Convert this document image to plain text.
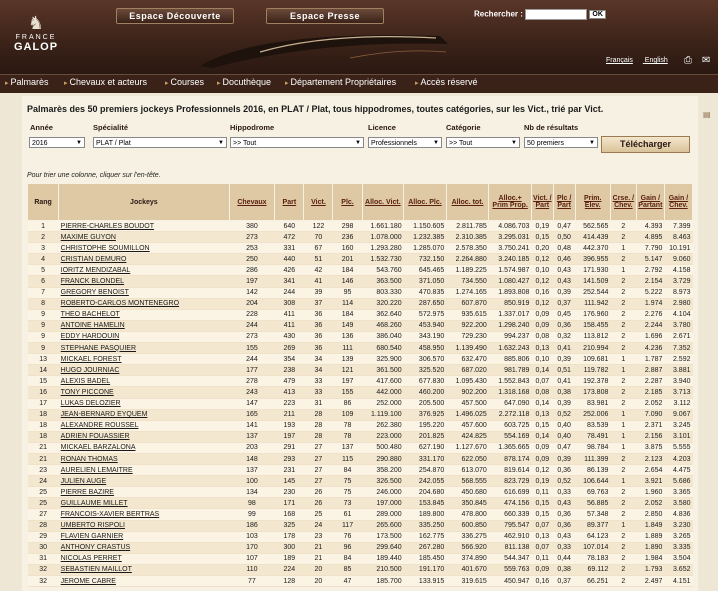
♞
FRANCE
GALOP
Espace Découverte	Espace Presse	Rechercher :	OK
Français English	⎙ ✉
▸ Palmarès ▸ Chevaux et acteurs	▸ Courses ▸ Docuthèque ▸ Département Propriétaires	▸ Accès réservé
▤
Palmarès des 50 premiers jockeys Professionnels 2016, en PLAT / Plat, tous hippodromes, toutes catégories, sur les Vict., trié par Vict.
Année	Spécialité	Hippodrome	Licence	Catégorie	Nb de résultats
2016	▼	PLAT / Plat	▼	>> Tout	▼	Professionnels	▼	>> Tout	▼	50 premiers	▼	Télécharger
Pour trier une colonne, cliquer sur l'en-tête.
Rang	Jockeys	Chevaux	Part	Vict.	Plc.	Alloc. Vict.	Alloc. Plc.	Alloc. tot.	Alloc.+ Prim Prop.	Vict. / Part	Plc / Part	Prim. Elev.	Crse. / Chev.	Gain / Partant	Gain / Chev.
1	PIERRE-CHARLES BOUDOT	380	640	122	298	1.661.180	1.150.605	2.811.785	4.086.703	0,19	0,47	562.565	2	4.393	7.399
2	MAXIME GUYON	273	472	70	236	1.078.000	1.232.385	2.310.385	3.295.031	0,15	0,50	414.439	2	4.895	8.463
3	CHRISTOPHE SOUMILLON	253	331	67	160	1.293.280	1.285.070	2.578.350	3.750.241	0,20	0,48	442.370	1	7.790	10.191
4	CRISTIAN DEMURO	250	440	51	201	1.532.730	732.150	2.264.880	3.240.185	0,12	0,46	396.955	2	5.147	9.060
5	IORITZ MENDIZABAL	286	426	42	184	543.760	645.465	1.189.225	1.574.987	0,10	0,43	171.930	1	2.792	4.158
6	FRANCK BLONDEL	197	341	41	146	363.500	371.050	734.550	1.080.427	0,12	0,43	141.509	2	2.154	3.729
7	GREGORY BENOIST	142	244	39	95	803.330	470.835	1.274.165	1.893.808	0,16	0,39	252.544	2	5.222	8.973
8	ROBERTO-CARLOS MONTENEGRO	204	308	37	114	320.220	287.650	607.870	850.919	0,12	0,37	111.942	2	1.974	2.980
9	THEO BACHELOT	228	411	36	184	362.640	572.975	935.615	1.337.017	0,09	0,45	176.960	2	2.276	4.104
9	ANTOINE HAMELIN	244	411	36	149	468.260	453.940	922.200	1.298.240	0,09	0,36	158.455	2	2.244	3.780
9	EDDY HARDOUIN	273	430	36	136	386.040	343.190	729.230	994.237	0,08	0,32	113.812	2	1.696	2.671
9	STEPHANE PASQUIER	155	269	36	111	680.540	458.950	1.139.490	1.632.243	0,13	0,41	210.994	2	4.236	7.352
13	MICKAEL FOREST	244	354	34	139	325.900	306.570	632.470	885.806	0,10	0,39	109.681	1	1.787	2.592
14	HUGO JOURNIAC	177	238	34	121	361.500	325.520	687.020	981.789	0,14	0,51	119.782	1	2.887	3.881
15	ALEXIS BADEL	278	479	33	197	417.600	677.830	1.095.430	1.552.843	0,07	0,41	192.378	2	2.287	3.940
16	TONY PICCONE	243	413	33	155	442.000	460.200	902.200	1.318.168	0,08	0,38	173.808	2	2.185	3.713
17	LUKAS DELOZIER	147	223	31	86	252.000	205.500	457.500	647.090	0,14	0,39	83.981	2	2.052	3.112
18	JEAN-BERNARD EYQUEM	165	211	28	109	1.119.100	376.925	1.496.025	2.272.118	0,13	0,52	252.006	1	7.090	9.067
18	ALEXANDRE ROUSSEL	141	193	28	78	262.380	195.220	457.600	603.725	0,15	0,40	83.539	1	2.371	3.245
18	ADRIEN FOUASSIER	137	197	28	78	223.000	201.825	424.825	554.169	0,14	0,40	78.491	1	2.156	3.101
21	MICKAEL BARZALONA	203	291	27	137	500.480	627.190	1.127.670	1.365.665	0,09	0,47	98.784	1	3.875	5.555
21	RONAN THOMAS	148	293	27	115	290.880	331.170	622.050	878.174	0,09	0,39	111.399	2	2.123	4.203
23	AURELIEN LEMAITRE	137	231	27	84	358.200	254.870	613.070	819.614	0,12	0,36	86.139	2	2.654	4.475
24	JULIEN AUGE	100	145	27	75	326.500	242.055	568.555	823.729	0,19	0,52	106.644	1	3.921	5.686
25	PIERRE BAZIRE	134	230	26	75	246.000	204.680	450.680	616.699	0,11	0,33	69.763	2	1.960	3.365
25	GUILLAUME MILLET	98	171	26	73	197.000	153.845	350.845	474.156	0,15	0,43	56.885	2	2.052	3.580
27	FRANCOIS-XAVIER BERTRAS	99	168	25	61	289.000	189.800	478.800	660.339	0,15	0,36	57.348	2	2.850	4.836
28	UMBERTO RISPOLI	186	325	24	117	265.600	335.250	600.850	795.547	0,07	0,36	89.377	1	1.849	3.230
29	FLAVIEN GARNIER	103	178	23	76	173.500	162.775	336.275	462.910	0,13	0,43	64.123	2	1.889	3.265
30	ANTHONY CRASTUS	170	300	21	96	299.640	267.280	566.920	811.138	0,07	0,33	107.014	2	1.890	3.335
31	NICOLAS PERRET	107	189	21	84	189.440	185.450	374.890	544.347	0,11	0,44	78.183	2	1.984	3.504
32	SEBASTIEN MAILLOT	110	224	20	85	210.500	191.170	401.670	559.763	0,09	0,38	69.112	2	1.793	3.652
32	JEROME CABRE	77	128	20	47	185.700	133.915	319.615	450.947	0,16	0,37	66.251	2	2.497	4.151
